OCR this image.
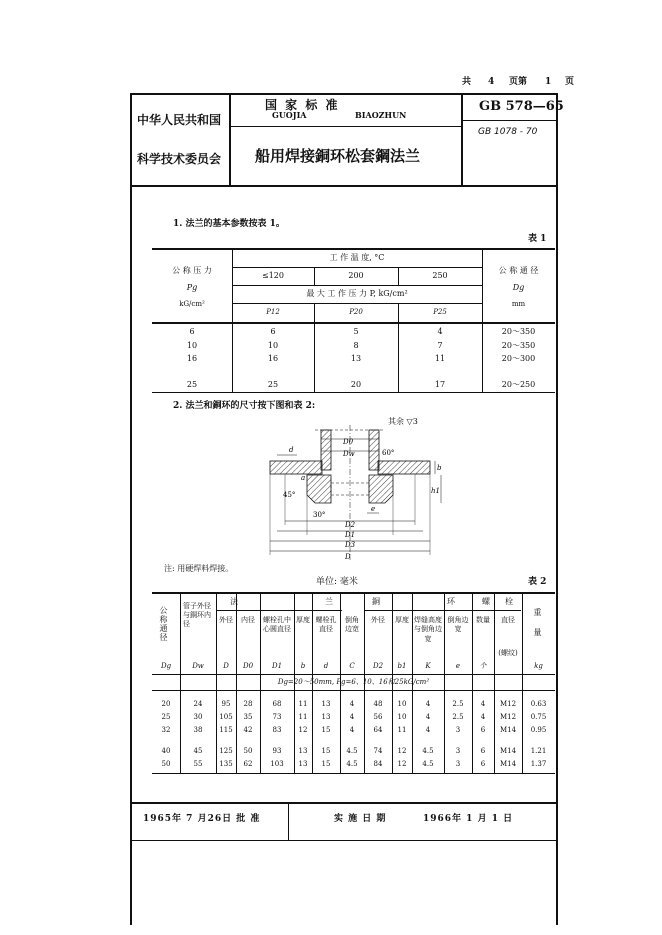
共 4 页第 1 页
中华人民共和国
科学技术委员会
国 家 标 准
GUOJIA	BIAOZHUN
船用焊接銅环松套鋼法兰
GB 578—65
GB 1078 - 70
1. 法兰的基本参数按表 1。
表 1
公 称 压 力
Pg
kG/cm²
工 作 温 度, °C
≤120	200	250
最 大 工 作 压 力 P, kG/cm²
P12	P20	P25
公 称 通 径
Dg
mm
6	6	5	4	20～350
10	10	8	7	20～350
16	16	13	11	20～300
25	25	20	17	20～250
2. 法兰和銅环的尺寸按下图和表 2:
其余 ▽3
D0
Dw	60°
b
d
a
h1
45°
30°
e
D2
D1
D3
D
注: 用硬焊料焊接。
单位: 毫米	表 2
法	兰	銅	环	螺 栓
公称通径 管子外径与銅环内径	重量
外径	内径	螺栓孔中心圆直径
厚度 螺栓孔直径
倒角边宽
外径	厚度 焊缝高度与倒角边宽
倒角边宽
数量	直径
(螺纹)
Dg	Dw	D	D0	D1	b	d	C	D2	b1	K	e	个	kg
Dg=20～50mm, Pg=6、10、16和25kG/cm²
20	24	95	28	68	11	13	4	48	10	4	2.5	4	M12	0.63
25	30	105	35	73	11	13	4	56	10	4	2.5	4	M12	0.75
32	38	115	42	83	12	15	4	64	11	4	3	6	M14	0.95
40	45	125	50	93	13	15	4.5	74	12	4.5	3	6	M14	1.21
50	55	135	62	103	13	15	4.5	84	12	4.5	3	6	M14	1.37
1965年 7 月26日 批 准	实 施 日 期	1966年 1 月 1 日
